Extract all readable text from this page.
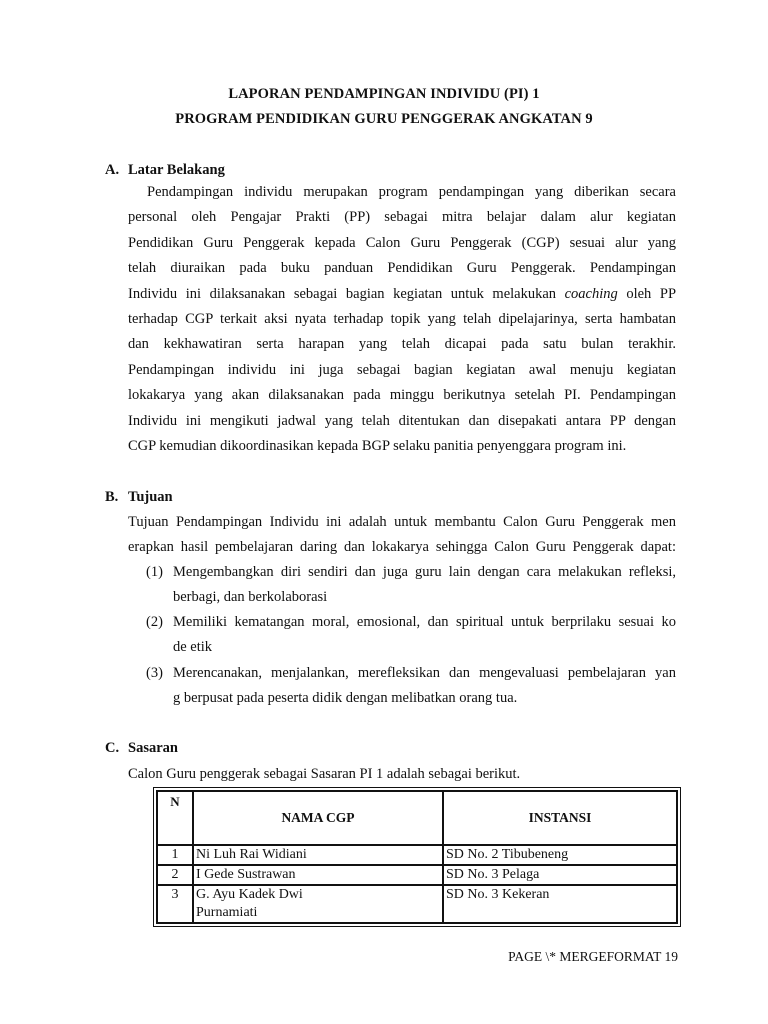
LAPORAN PENDAMPINGAN INDIVIDU (PI) 1
PROGRAM PENDIDIKAN GURU PENGGERAK ANGKATAN 9
A. Latar Belakang
Pendampingan individu merupakan program pendampingan yang diberikan secara
personal oleh Pengajar Prakti (PP) sebagai mitra belajar dalam alur kegiatan
Pendidikan Guru Penggerak kepada Calon Guru Penggerak (CGP) sesuai alur yang
telah diuraikan pada buku panduan Pendidikan Guru Penggerak. Pendampingan
Individu ini dilaksanakan sebagai bagian kegiatan untuk melakukan coaching oleh PP
terhadap CGP terkait aksi nyata terhadap topik yang telah dipelajarinya, serta hambatan
dan kekhawatiran serta harapan yang telah dicapai pada satu bulan terakhir.
Pendampingan individu ini juga sebagai bagian kegiatan awal menuju kegiatan
lokakarya yang akan dilaksanakan pada minggu berikutnya setelah PI. Pendampingan
Individu ini mengikuti jadwal yang telah ditentukan dan disepakati antara PP dengan
CGP kemudian dikoordinasikan kepada BGP selaku panitia penyenggara program ini.
B. Tujuan
Tujuan Pendampingan Individu ini adalah untuk membantu Calon Guru Penggerak men
erapkan hasil pembelajaran daring dan lokakarya sehingga Calon Guru Penggerak dapat:
(1) Mengembangkan diri sendiri dan juga guru lain dengan cara melakukan refleksi,
berbagi, dan berkolaborasi
(2) Memiliki kematangan moral, emosional, dan spiritual untuk berprilaku sesuai ko
de etik
(3) Merencanakan, menjalankan, merefleksikan dan mengevaluasi pembelajaran yan
g berpusat pada peserta didik dengan melibatkan orang tua.
C. Sasaran
Calon Guru penggerak sebagai Sasaran PI 1 adalah sebagai berikut.
N	NAMA CGP	INSTANSI
1	Ni Luh Rai Widiani	SD No. 2 Tibubeneng
2	I Gede Sustrawan	SD No. 3 Pelaga
3	G. Ayu Kadek Dwi
Purnamiati	SD No. 3 Kekeran
PAGE \* MERGEFORMAT 19
